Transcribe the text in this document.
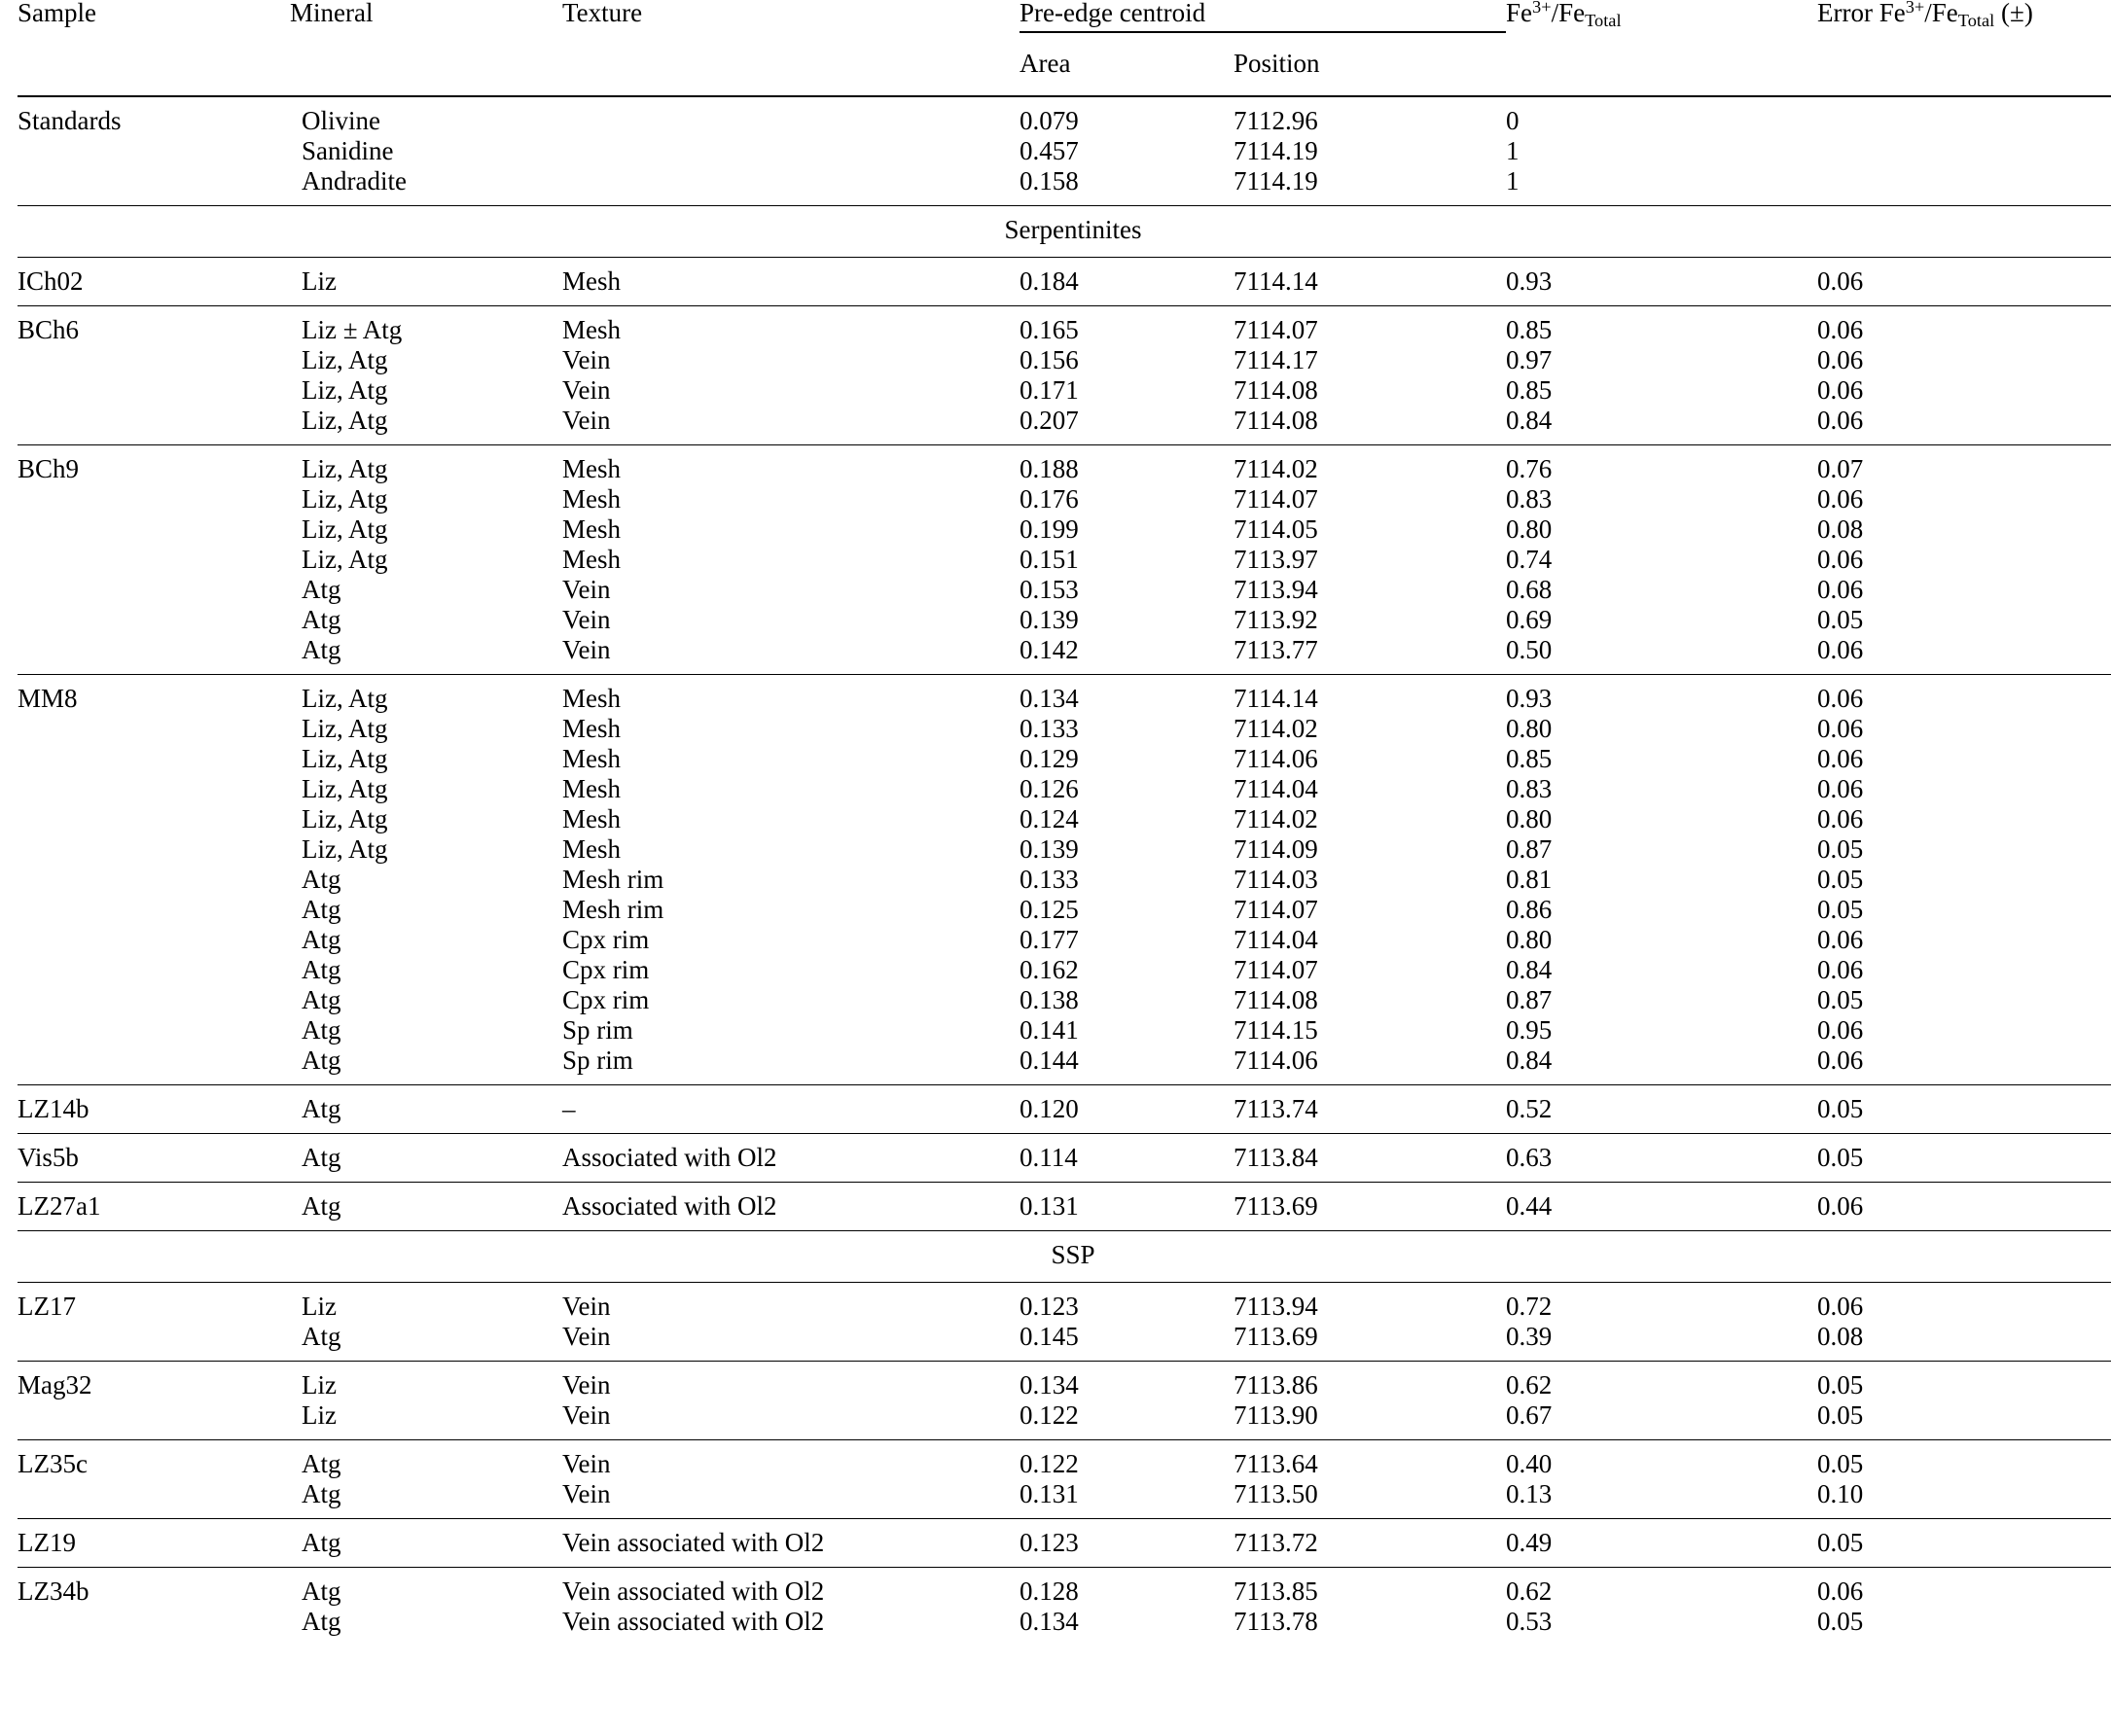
Sample	Mineral	Texture	Pre-edge centroid		$Fe^{3+}/Fe_{Total}$	Error $Fe^{3+}/Fe_{Total}$ (±)
			Area	Position		

Standards	Olivine		0.079	7112.96	0	

	Sanidine		0.457	7114.19	1	

	Andradite		0.158	7114.19	1	

Serpentinites						

ICh02	Liz	Mesh	0.184	7114.14	0.93	0.06

BCh6	Liz ± Atg	Mesh	0.165	7114.07	0.85	0.06

	Liz, Atg	Vein	0.156	7114.17	0.97	0.06

	Liz, Atg	Vein	0.171	7114.08	0.85	0.06

	Liz, Atg	Vein	0.207	7114.08	0.84	0.06

BCh9	Liz, Atg	Mesh	0.188	7114.02	0.76	0.07

	Liz, Atg	Mesh	0.176	7114.07	0.83	0.06

	Liz, Atg	Mesh	0.199	7114.05	0.80	0.08

	Liz, Atg	Mesh	0.151	7113.97	0.74	0.06

	Atg	Vein	0.153	7113.94	0.68	0.06

	Atg	Vein	0.139	7113.92	0.69	0.05

	Atg	Vein	0.142	7113.77	0.50	0.06

MM8	Liz, Atg	Mesh	0.134	7114.14	0.93	0.06

	Liz, Atg	Mesh	0.133	7114.02	0.80	0.06

	Liz, Atg	Mesh	0.129	7114.06	0.85	0.06

	Liz, Atg	Mesh	0.126	7114.04	0.83	0.06

	Liz, Atg	Mesh	0.124	7114.02	0.80	0.06

	Liz, Atg	Mesh	0.139	7114.09	0.87	0.05

	Atg	Mesh rim	0.133	7114.03	0.81	0.05

	Atg	Mesh rim	0.125	7114.07	0.86	0.05

	Atg	Cpx rim	0.177	7114.04	0.80	0.06

	Atg	Cpx rim	0.162	7114.07	0.84	0.06

	Atg	Cpx rim	0.138	7114.08	0.87	0.05

	Atg	Sp rim	0.141	7114.15	0.95	0.06

	Atg	Sp rim	0.144	7114.06	0.84	0.06

LZ14b	Atg	–	0.120	7113.74	0.52	0.05

Vis5b	Atg	Associated with Ol2	0.114	7113.84	0.63	0.05

LZ27a1	Atg	Associated with Ol2	0.131	7113.69	0.44	0.06

SSP						

LZ17	Liz	Vein	0.123	7113.94	0.72	0.06

	Atg	Vein	0.145	7113.69	0.39	0.08

Mag32	Liz	Vein	0.134	7113.86	0.62	0.05

	Liz	Vein	0.122	7113.90	0.67	0.05

LZ35c	Atg	Vein	0.122	7113.64	0.40	0.05

	Atg	Vein	0.131	7113.50	0.13	0.10

LZ19	Atg	Vein associated with Ol2	0.123	7113.72	0.49	0.05

LZ34b	Atg	Vein associated with Ol2	0.128	7113.85	0.62	0.06

	Atg	Vein associated with Ol2	0.134	7113.78	0.53	0.05
